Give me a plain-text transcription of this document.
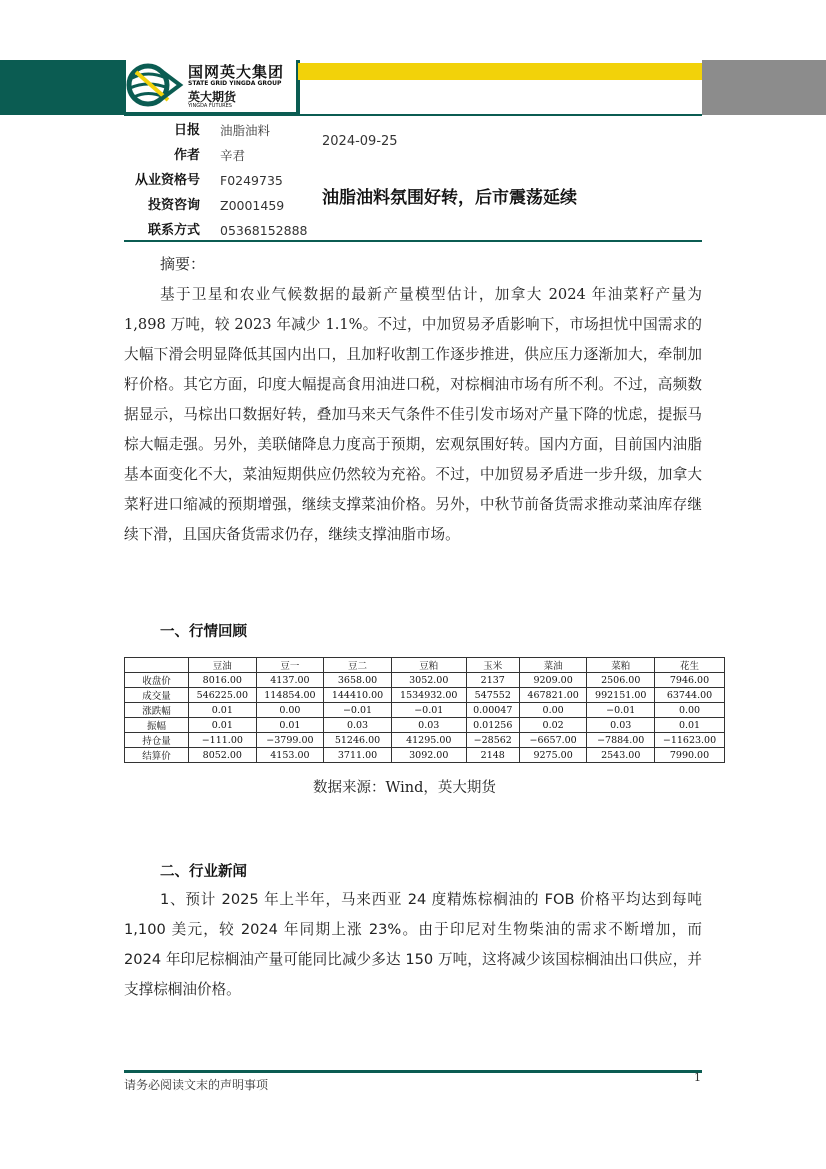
国网英大集团
STATE GRID YINGDA GROUP
英大期货
YINGDA FUTURES
日报 油脂油料
作者 辛君
从业资格号 F0249735
投资咨询 Z0001459
联系方式 05368152888
2024-09-25
油脂油料氛围好转，后市震荡延续
摘要：
基于卫星和农业气候数据的最新产量模型估计，加拿大 2024 年油菜籽产量为 1,898 万吨，较 2023 年减少 1.1%。不过，中加贸易矛盾影响下，市场担忧中国需求的大幅下滑会明显降低其国内出口，且加籽收割工作逐步推进，供应压力逐渐加大，牵制加籽价格。其它方面，印度大幅提高食用油进口税，对棕榈油市场有所不利。不过，高频数据显示，马棕出口数据好转，叠加马来天气条件不佳引发市场对产量下降的忧虑，提振马棕大幅走强。另外，美联储降息力度高于预期，宏观氛围好转。国内方面，目前国内油脂基本面变化不大，菜油短期供应仍然较为充裕。不过，中加贸易矛盾进一步升级，加拿大菜籽进口缩减的预期增强，继续支撑菜油价格。另外，中秋节前备货需求推动菜油库存继续下滑，且国庆备货需求仍存，继续支撑油脂市场。
一、行情回顾
	豆油	豆一	豆二	豆粕	玉米	菜油	菜粕	花生
收盘价	8016.00	4137.00	3658.00	3052.00	2137	9209.00	2506.00	7946.00
成交量	546225.00	114854.00	144410.00	1534932.00	547552	467821.00	992151.00	63744.00
涨跌幅	0.01	0.00	−0.01	−0.01	0.00047	0.00	−0.01	0.00
振幅	0.01	0.01	0.03	0.03	0.01256	0.02	0.03	0.01
持仓量	−111.00	−3799.00	51246.00	41295.00	−28562	−6657.00	−7884.00	−11623.00
结算价	8052.00	4153.00	3711.00	3092.00	2148	9275.00	2543.00	7990.00
数据来源：Wind，英大期货
二、行业新闻
1、预计 2025 年上半年，马来西亚 24 度精炼棕榈油的 FOB 价格平均达到每吨 1,100 美元，较 2024 年同期上涨 23%。由于印尼对生物柴油的需求不断增加，而 2024 年印尼棕榈油产量可能同比减少多达 150 万吨，这将减少该国棕榈油出口供应，并支撑棕榈油价格。
请务必阅读文末的声明事项
1
